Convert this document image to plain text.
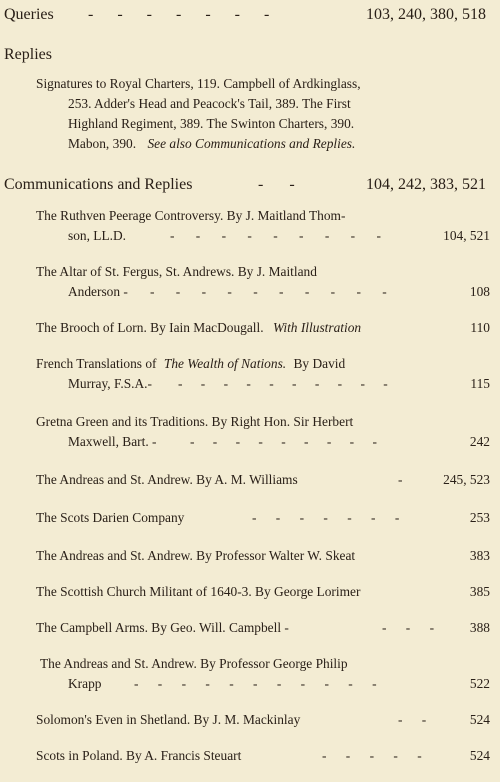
Queries - - - - - - -	103, 240, 380, 518
Replies
Signatures to Royal Charters, 119. Campbell of Ardkinglass,
253. Adder's Head and Peacock's Tail, 389. The First
Highland Regiment, 389. The Swinton Charters, 390.
Mabon, 390. See also Communications and Replies.
Communications and Replies	- -	104, 242, 383, 521
The Ruthven Peerage Controversy. By J. Maitland Thom-
son, LL.D.	- - - - - - - - -	104, 521
The Altar of St. Fergus, St. Andrews. By J. Maitland
Anderson - - - - - - - - - - -	108
The Brooch of Lorn. By Iain MacDougall. With Illustration	110
French Translations of The Wealth of Nations. By David
Murray, F.S.A.- - - - - - - - - - -	115
Gretna Green and its Traditions. By Right Hon. Sir Herbert
Maxwell, Bart. - - - - - - - - - -	242
The Andreas and St. Andrew. By A. M. Williams	-	245, 523
The Scots Darien Company	- - - - - - -	253
The Andreas and St. Andrew. By Professor Walter W. Skeat	383
The Scottish Church Militant of 1640-3. By George Lorimer	385
The Campbell Arms. By Geo. Will. Campbell -	- - -	388
The Andreas and St. Andrew. By Professor George Philip
Krapp - - - - - - - - - - -	522
Solomon's Even in Shetland. By J. M. Mackinlay	- -	524
Scots in Poland. By A. Francis Steuart	- - - - -	524
